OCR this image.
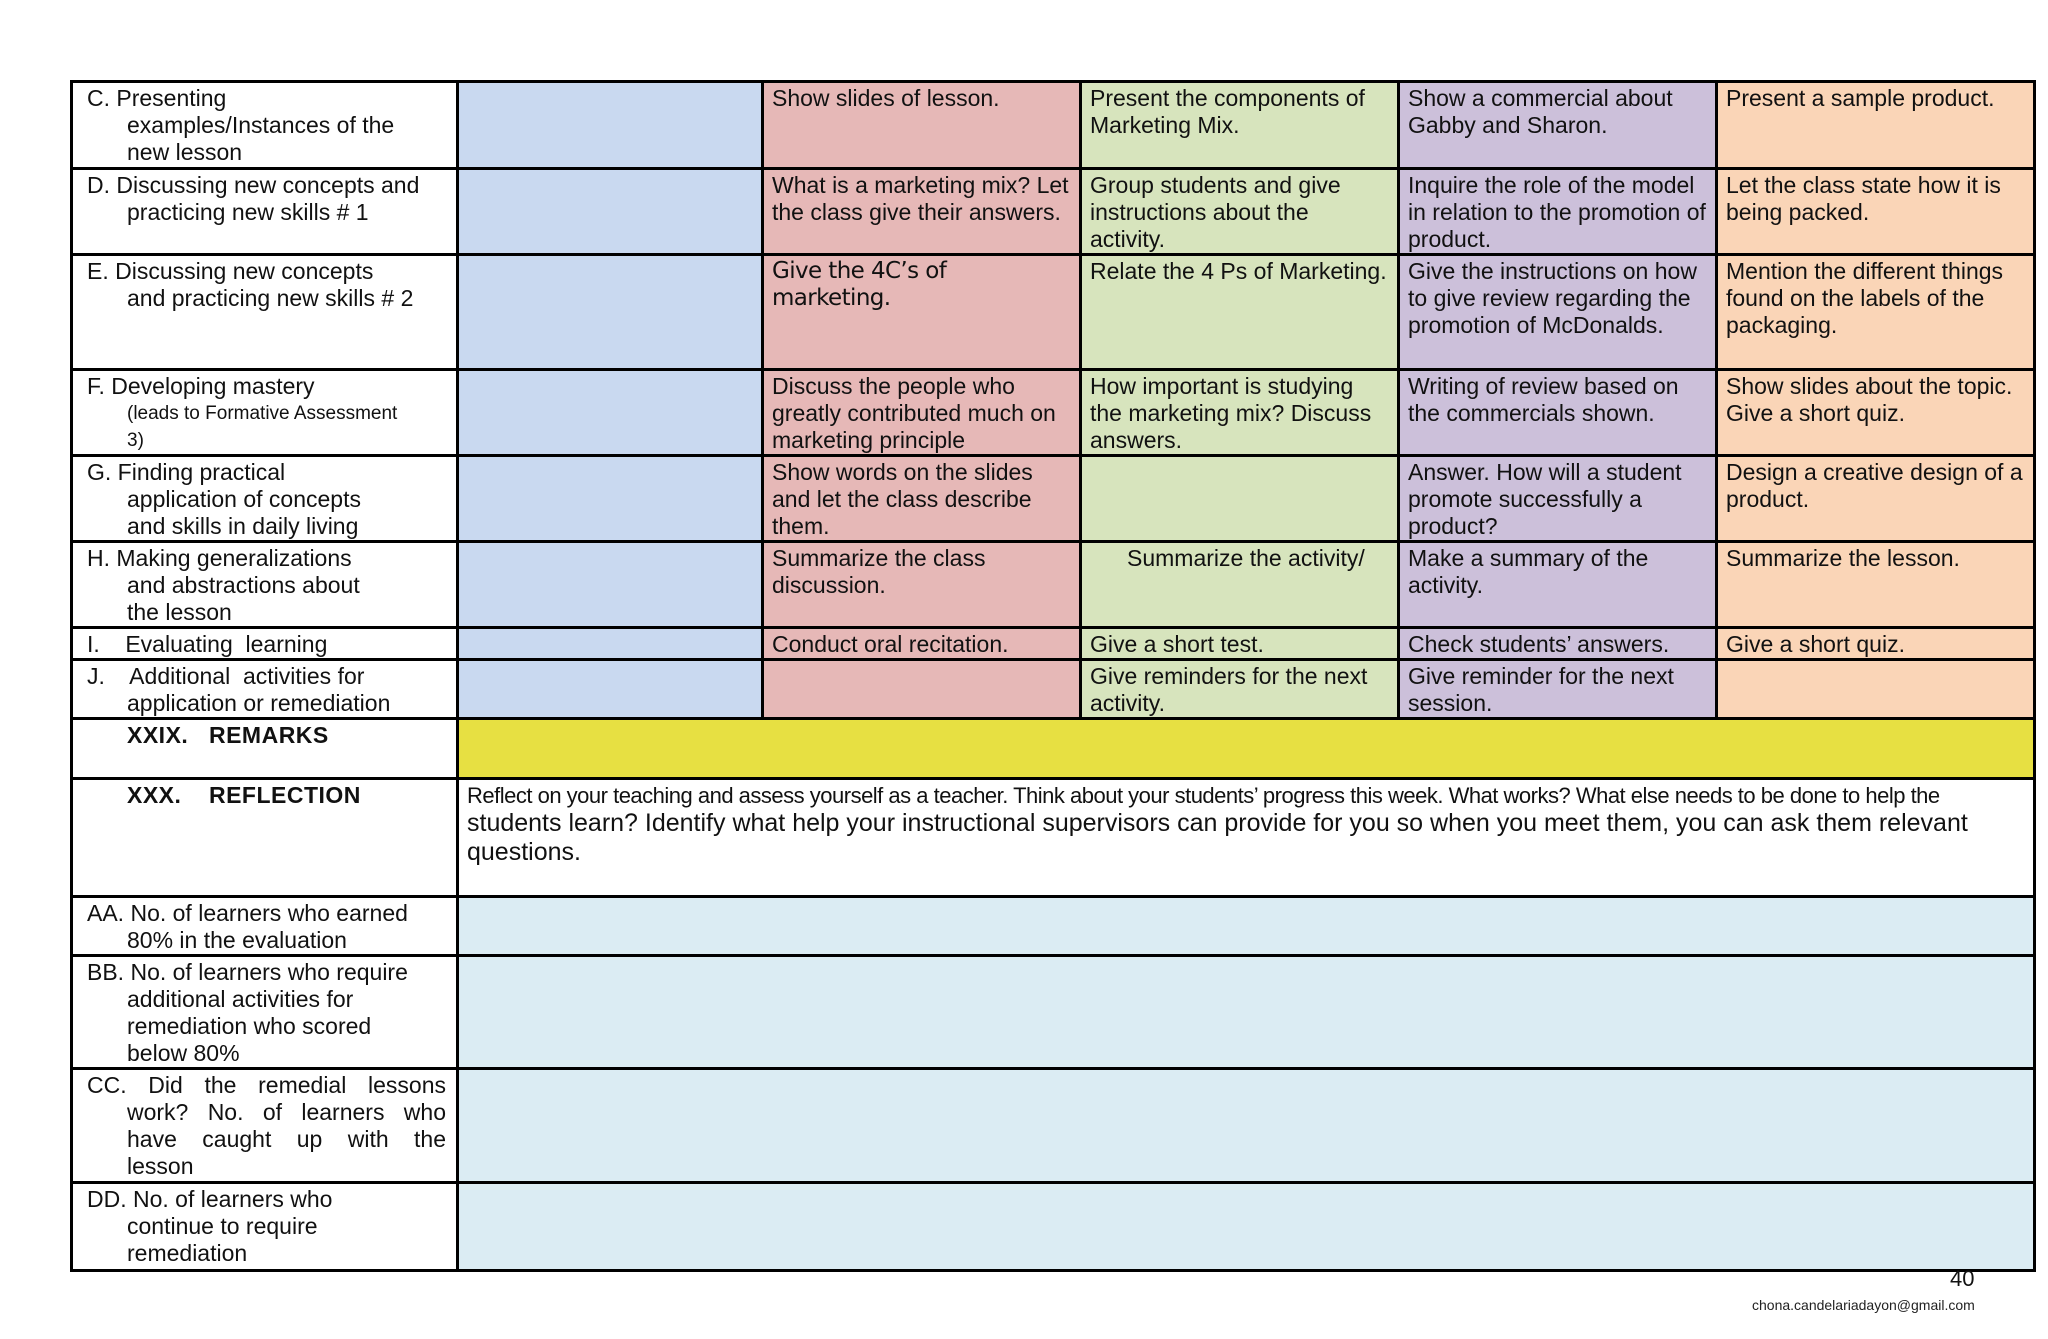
C. Presenting
examples/Instances of the
new lesson		Show slides of lesson.	Present the components of Marketing Mix.	Show a commercial about Gabby and Sharon.	Present a sample product.

D. Discussing new concepts and
practicing new skills # 1		What is a marketing mix? Let the class give their answers.	Group students and give instructions about the activity.	Inquire the role of the model in relation to the promotion of product.	Let the class state how it is being packed.

E. Discussing new concepts
and practicing new skills # 2		Give the 4C’s of marketing.	Relate the 4 Ps of Marketing.	Give the instructions on how to give review regarding the promotion of McDonalds.	Mention the different things found on the labels of the packaging.

F. Developing mastery
(leads to Formative Assessment
3)		Discuss the people who greatly contributed much on marketing principle	How important is studying the marketing mix? Discuss answers.	Writing of review based on the commercials shown.	Show slides about the topic. Give a short quiz.

G. Finding practical
application of concepts
and skills in daily living		Show words on the slides and let the class describe them.		Answer. How will a student promote successfully a product?	Design a creative design of a product.

H. Making generalizations
and abstractions about
the lesson		Summarize the class discussion.	Summarize the activity/	Make a summary of the activity.	Summarize the lesson.

I.    Evaluating  learning		Conduct oral recitation.	Give a short test.	Check students’ answers.	Give a short quiz.

J.    Additional  activities for
application or remediation			Give reminders for the next activity.	Give reminder for the next session.	
XXIX.   REMARKS					
XXX.    REFLECTION	Reflect on your teaching and assess yourself as a teacher. Think about your students’ progress this week. What works? What else needs to be done to help the
students learn? Identify what help your instructional supervisors can provide for you so when you meet them, you can ask them relevant questions.				

AA. No. of learners who earned
80% in the evaluation					

BB. No. of learners who require
additional activities for
remediation who scored
below 80%					

CC. Did the remedial lessons
work? No. of learners who
have caught up with the
lesson					

DD. No. of learners who
continue to require
remediation					

40
chona.candelariadayon@gmail.com
